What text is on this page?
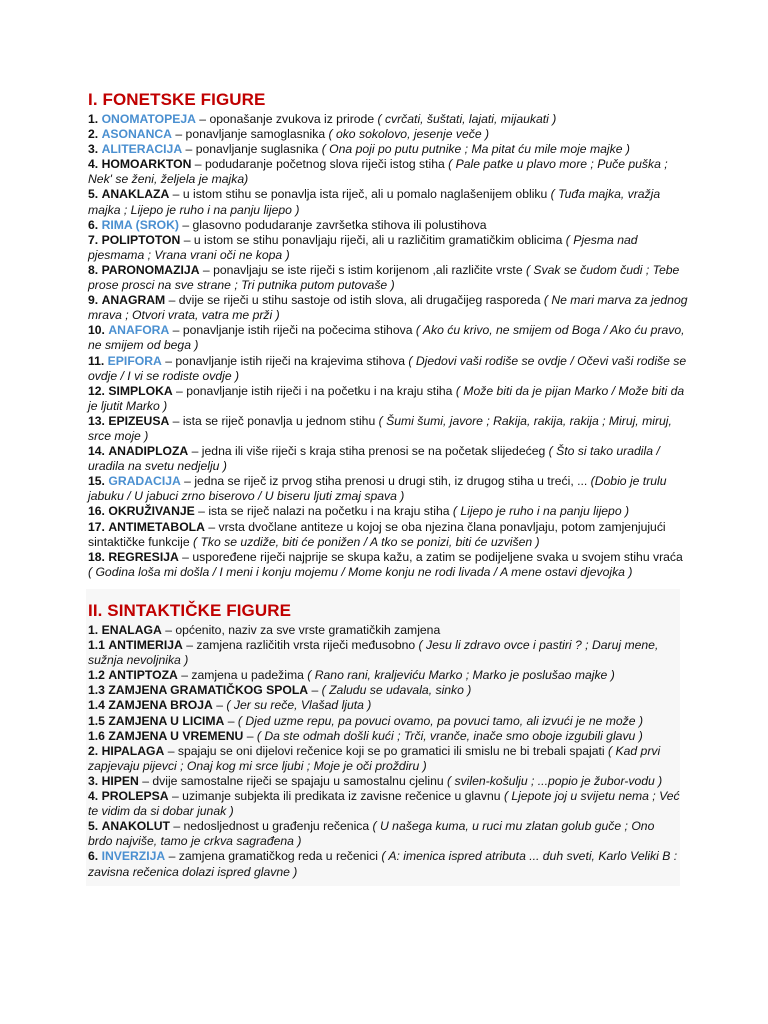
I. FONETSKE FIGURE

1. ONOMATOPEJA – oponašanje zvukova iz prirode ( cvrčati, šuštati, lajati, mijaukati )

2. ASONANCA – ponavljanje samoglasnika ( oko sokolovo, jesenje veče )

3. ALITERACIJA – ponavljanje suglasnika ( Ona poji po putu putnike ; Ma pitat ću mile moje majke )

4. HOMOARKTON – podudaranje početnog slova riječi istog stiha ( Pale patke u plavo more ; Puče puška ; Nek' se ženi, željela je majka)

5. ANAKLAZA – u istom stihu se ponavlja ista riječ, ali u pomalo naglašenijem obliku ( Tuđa majka, vražja majka ; Lijepo je ruho i na panju lijepo )

6. RIMA (SROK) – glasovno podudaranje završetka stihova ili polustihova

7. POLIPTOTON – u istom se stihu ponavljaju riječi, ali u različitim gramatičkim oblicima ( Pjesma nad pjesmama ; Vrana vrani oči ne kopa )

8. PARONOMAZIJA – ponavljaju se iste riječi s istim korijenom ,ali različite vrste ( Svak se čudom čudi ; Tebe prose prosci na sve strane ; Tri putnika putom putovaše )

9. ANAGRAM – dvije se riječi u stihu sastoje od istih slova, ali drugačijeg rasporeda ( Ne mari marva za jednog mrava ; Otvori vrata, vatra me prži )

10. ANAFORA – ponavljanje istih riječi na počecima stihova ( Ako ću krivo, ne smijem od Boga / Ako ću pravo, ne smijem od bega )

11. EPIFORA – ponavljanje istih riječi na krajevima stihova ( Djedovi vaši rodiše se ovdje / Očevi vaši rodiše se ovdje / I vi se rodiste ovdje )

12. SIMPLOKA – ponavljanje istih riječi i na početku i na kraju stiha ( Može biti da je pijan Marko / Može biti da je ljutit Marko )

13. EPIZEUSA – ista se riječ ponavlja u jednom stihu ( Šumi šumi, javore ; Rakija, rakija, rakija ; Miruj, miruj, srce moje )

14. ANADIPLOZA – jedna ili više riječi s kraja stiha prenosi se na početak slijedećeg ( Što si tako uradila / uradila na svetu nedjelju )

15. GRADACIJA – jedna se riječ iz prvog stiha prenosi u drugi stih, iz drugog stiha u treći, ... (Dobio je trulu jabuku / U jabuci zrno biserovo / U biseru ljuti zmaj spava )

16. OKRUŽIVANJE – ista se riječ nalazi na početku i na kraju stiha ( Lijepo je ruho i na panju lijepo )

17. ANTIMETABOLA – vrsta dvočlane antiteze u kojoj se oba njezina člana ponavljaju, potom zamjenjujući sintaktičke funkcije ( Tko se uzdiže, biti će ponižen / A tko se ponizi, biti će uzvišen )

18. REGRESIJA – uspoređene riječi najprije se skupa kažu, a zatim se podijeljene svaka u svojem stihu vraća ( Godina loša mi došla / I meni i konju mojemu / Mome konju ne rodi livada / A mene ostavi djevojka )

II. SINTAKTIČKE FIGURE

1. ENALAGA – općenito, naziv za sve vrste gramatičkih zamjena

1.1 ANTIMERIJA – zamjena različitih vrsta riječi međusobno ( Jesu li zdravo ovce i pastiri ? ; Daruj mene, sužnja nevoljnika )

1.2 ANTIPTOZA – zamjena u padežima ( Rano rani, kraljeviću Marko ; Marko je poslušao majke )

1.3 ZAMJENA GRAMATIČKOG SPOLA – ( Zaludu se udavala, sinko )

1.4 ZAMJENA BROJA – ( Jer su reče, Vlašad ljuta )

1.5 ZAMJENA U LICIMA – ( Djed uzme repu, pa povuci ovamo, pa povuci tamo, ali izvući je ne može )

1.6 ZAMJENA U VREMENU – ( Da ste odmah došli kući ; Trči, vranče, inače smo oboje izgubili glavu )

2. HIPALAGA – spajaju se oni dijelovi rečenice koji se po gramatici ili smislu ne bi trebali spajati ( Kad prvi zapjevaju pijevci ; Onaj kog mi srce ljubi ; Moje je oči proždiru )

3. HIPEN – dvije samostalne riječi se spajaju u samostalnu cjelinu ( svilen-košulju ; ...popio je žubor-vodu )

4. PROLEPSA – uzimanje subjekta ili predikata iz zavisne rečenice u glavnu ( Ljepote joj u svijetu nema ; Već te vidim da si dobar junak )

5. ANAKOLUT – nedosljednost u građenju rečenica ( U našega kuma, u ruci mu zlatan golub guče ; Ono brdo najviše, tamo je crkva sagrađena )

6. INVERZIJA – zamjena gramatičkog reda u rečenici ( A: imenica ispred atributa ... duh sveti, Karlo Veliki B : zavisna rečenica dolazi ispred glavne )
